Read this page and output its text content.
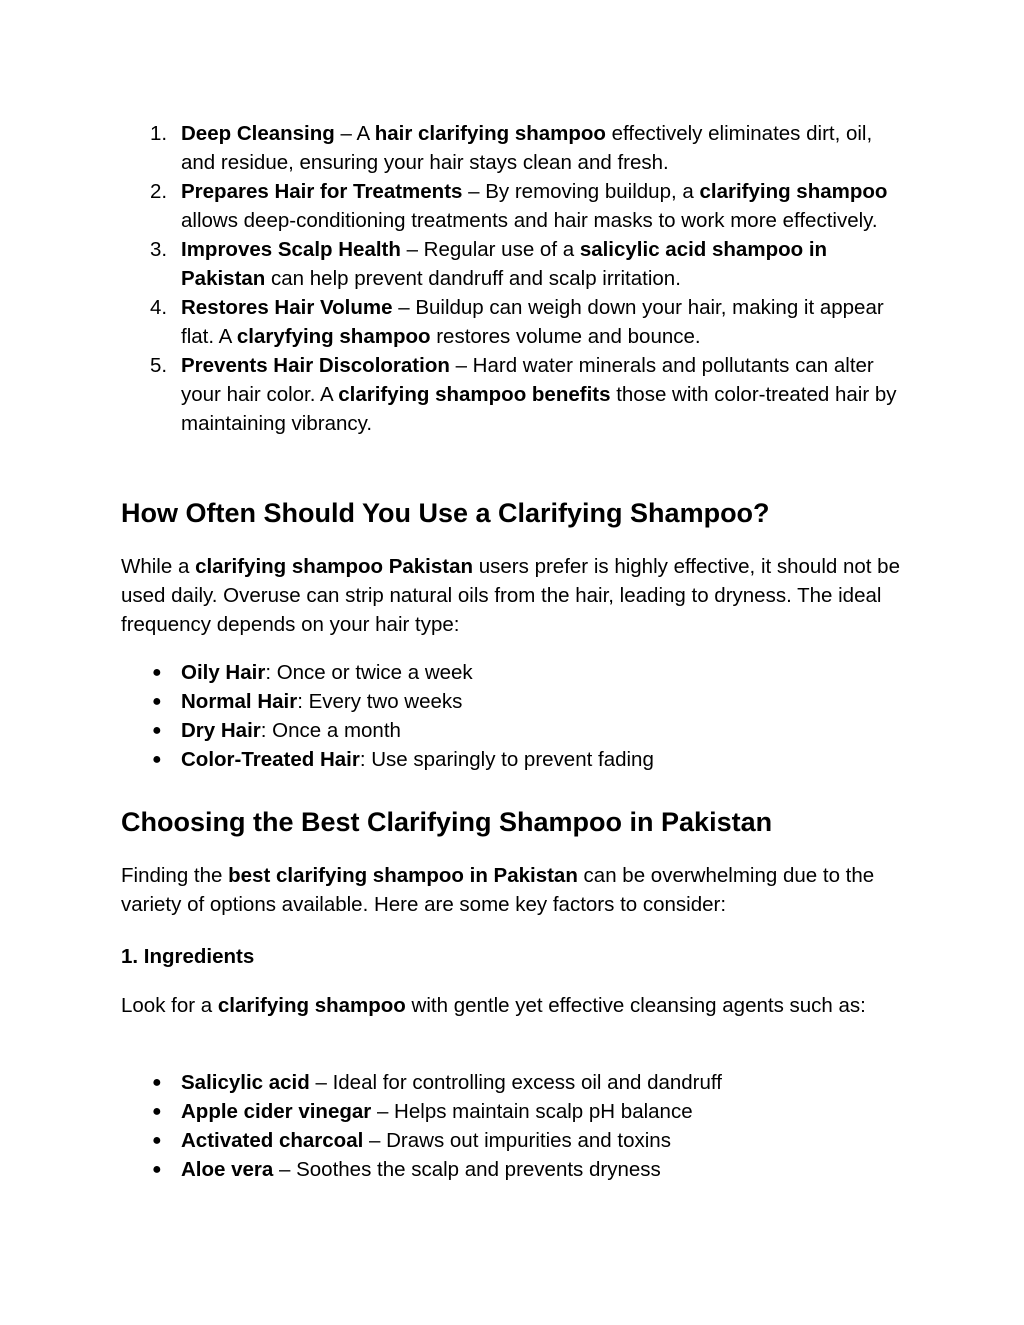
1. Deep Cleansing – A hair clarifying shampoo effectively eliminates dirt, oil, and residue, ensuring your hair stays clean and fresh.
2. Prepares Hair for Treatments – By removing buildup, a clarifying shampoo allows deep-conditioning treatments and hair masks to work more effectively.
3. Improves Scalp Health – Regular use of a salicylic acid shampoo in Pakistan can help prevent dandruff and scalp irritation.
4. Restores Hair Volume – Buildup can weigh down your hair, making it appear flat. A claryfying shampoo restores volume and bounce.
5. Prevents Hair Discoloration – Hard water minerals and pollutants can alter your hair color. A clarifying shampoo benefits those with color-treated hair by maintaining vibrancy.
How Often Should You Use a Clarifying Shampoo?

While a clarifying shampoo Pakistan users prefer is highly effective, it should not be used daily. Overuse can strip natural oils from the hair, leading to dryness. The ideal frequency depends on your hair type:

● Oily Hair: Once or twice a week
● Normal Hair: Every two weeks
● Dry Hair: Once a month
● Color-Treated Hair: Use sparingly to prevent fading
Choosing the Best Clarifying Shampoo in Pakistan

Finding the best clarifying shampoo in Pakistan can be overwhelming due to the variety of options available. Here are some key factors to consider:

1. Ingredients

Look for a clarifying shampoo with gentle yet effective cleansing agents such as:

● Salicylic acid – Ideal for controlling excess oil and dandruff
● Apple cider vinegar – Helps maintain scalp pH balance
● Activated charcoal – Draws out impurities and toxins
● Aloe vera – Soothes the scalp and prevents dryness
